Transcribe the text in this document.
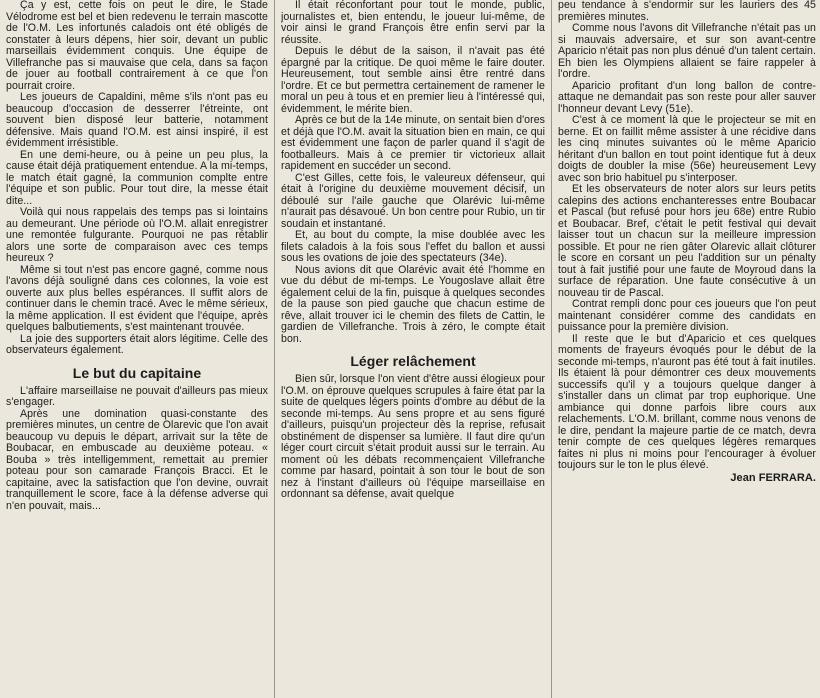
Ça y est, cette fois on peut le dire, le Stade Vélodrome est bel et bien redevenu le terrain mascotte de l'O.M. Les infortunés caladois ont été obligés de constater à leurs dépens, hier soir, devant un public marseillais évidemment conquis. Une équipe de Villefranche pas si mauvaise que cela, dans sa façon de jouer au football contrairement à ce que l'on pourrait croire.

Les joueurs de Capaldini, même s'ils n'ont pas eu beaucoup d'occasion de desserrer l'étreinte, ont souvent bien disposé leur batterie, notamment défensive. Mais quand l'O.M. est ainsi inspiré, il est évidemment irrésistible.

En une demi-heure, ou à peine un peu plus, la cause était déjà pratiquement entendue. A la mi-temps, le match était gagné, la communion complte entre l'équipe et son public. Pour tout dire, la messe était dite...

Voilà qui nous rappelais des temps pas si lointains au demeurant. Une période où l'O.M. allait enregistrer une remontée fulgurante. Pourquoi ne pas rétablir alors une sorte de comparaison avec ces temps heureux ?

Même si tout n'est pas encore gagné, comme nous l'avons déjà souligné dans ces colonnes, la voie est ouverte aux plus belles espérances. Il suffit alors de continuer dans le chemin tracé. Avec le même sérieux, la même application. Il est évident que l'équipe, après quelques balbutiements, s'est maintenant trouvée.

La joie des supporters était alors légitime. Celle des observateurs également.

Le but du capitaine

L'affaire marseillaise ne pouvait d'ailleurs pas mieux s'engager.

Après une domination quasi-constante des premières minutes, un centre de Olarevic que l'on avait beaucoup vu depuis le départ, arrivait sur la tête de Boubacar, en embuscade au deuxième poteau. « Bouba » très intelligemment, remettait au premier poteau pour son camarade François Bracci. Et le capitaine, avec la satisfaction que l'on devine, ouvrait tranquillement le score, face à la défense adverse qui n'en pouvait, mais...

Il était réconfortant pour tout le monde, public, journalistes et, bien entendu, le joueur lui-même, de voir ainsi le grand François être enfin servi par la réussite.

Depuis le début de la saison, il n'avait pas été épargné par la critique. De quoi même le faire douter. Heureusement, tout semble ainsi être rentré dans l'ordre. Et ce but permettra certainement de ramener le moral un peu à tous et en premier lieu à l'intéressé qui, évidemment, le mérite bien.

Après ce but de la 14e minute, on sentait bien d'ores et déjà que l'O.M. avait la situation bien en main, ce qui est évidemment une façon de parler quand il s'agit de footballeurs. Mais à ce premier tir victorieux allait rapidement en succéder un second.

C'est Gilles, cette fois, le valeureux défenseur, qui était à l'origine du deuxième mouvement décisif, un déboulé sur l'aile gauche que Olarévic lui-même n'aurait pas désavoué. Un bon centre pour Rubio, un tir soudain et instantané.

Et, au bout du compte, la mise doublée avec les filets caladois à la fois sous l'effet du ballon et aussi sous les ovations de joie des spectateurs (34e).

Nous avions dit que Olarévic avait été l'homme en vue du début de mi-temps. Le Yougoslave allait être également celui de la fin, puisque à quelques secondes de la pause son pied gauche que chacun estime de rêve, allait trouver ici le chemin des filets de Cattin, le gardien de Villefranche. Trois à zéro, le compte était bon.

Léger relâchement

Bien sûr, lorsque l'on vient d'être aussi élogieux pour l'O.M. on éprouve quelques scrupules à faire état par la suite de quelques légers points d'ombre au début de la seconde mi-temps. Au sens propre et au sens figuré d'ailleurs, puisqu'un projecteur dès la reprise, refusait obstinément de dispenser sa lumière. Il faut dire qu'un léger court circuit s'était produit aussi sur le terrain. Au moment où les débats recommençaient Villefranche comme par hasard, pointait à son tour le bout de son nez à l'instant d'ailleurs où l'équipe marseillaise en ordonnant sa défense, avait quelque

peu tendance à s'endormir sur les lauriers des 45 premières minutes.

Comme nous l'avons dit Villefranche n'était pas un si mauvais adversaire, et sur son avant-centre Aparicio n'était pas non plus dénué d'un talent certain. Eh bien les Olympiens allaient se faire rappeler à l'ordre.

Aparicio profitant d'un long ballon de contre-attaque ne demandait pas son reste pour aller sauver l'honneur devant Levy (51e).

C'est à ce moment là que le projecteur se mit en berne. Et on faillit même assister à une récidive dans les cinq minutes suivantes où le même Aparicio héritant d'un ballon en tout point identique fut à deux doigts de doubler la mise (56e) heureusement Levy avec son brio habituel pu s'interposer.

Et les observateurs de noter alors sur leurs petits calepins des actions enchanteresses entre Boubacar et Pascal (but refusé pour hors jeu 68e) entre Rubio et Boubacar. Bref, c'était le petit festival qui devait laisser tout un chacun sur la meilleure impression possible. Et pour ne rien gâter Olarevic allait clôturer le score en corsant un peu l'addition sur un pénalty tout à fait justifié pour une faute de Moyroud dans la surface de réparation. Une faute consécutive à un nouveau tir de Pascal.

Contrat rempli donc pour ces joueurs que l'on peut maintenant considérer comme des candidats en puissance pour la première division.

Il reste que le but d'Aparicio et ces quelques moments de frayeurs évoqués pour le début de la seconde mi-temps, n'auront pas été tout à fait inutiles. Ils étaient là pour démontrer ces deux mouvements successifs qu'il y a toujours quelque danger à s'installer dans un climat par trop euphorique. Une ambiance qui donne parfois libre cours aux relachements. L'O.M. brillant, comme nous venons de le dire, pendant la majeure partie de ce match, devra tenir compte de ces quelques légères remarques faites ni plus ni moins pour l'encourager à évoluer toujours sur le ton le plus élevé.

Jean FERRARA.
